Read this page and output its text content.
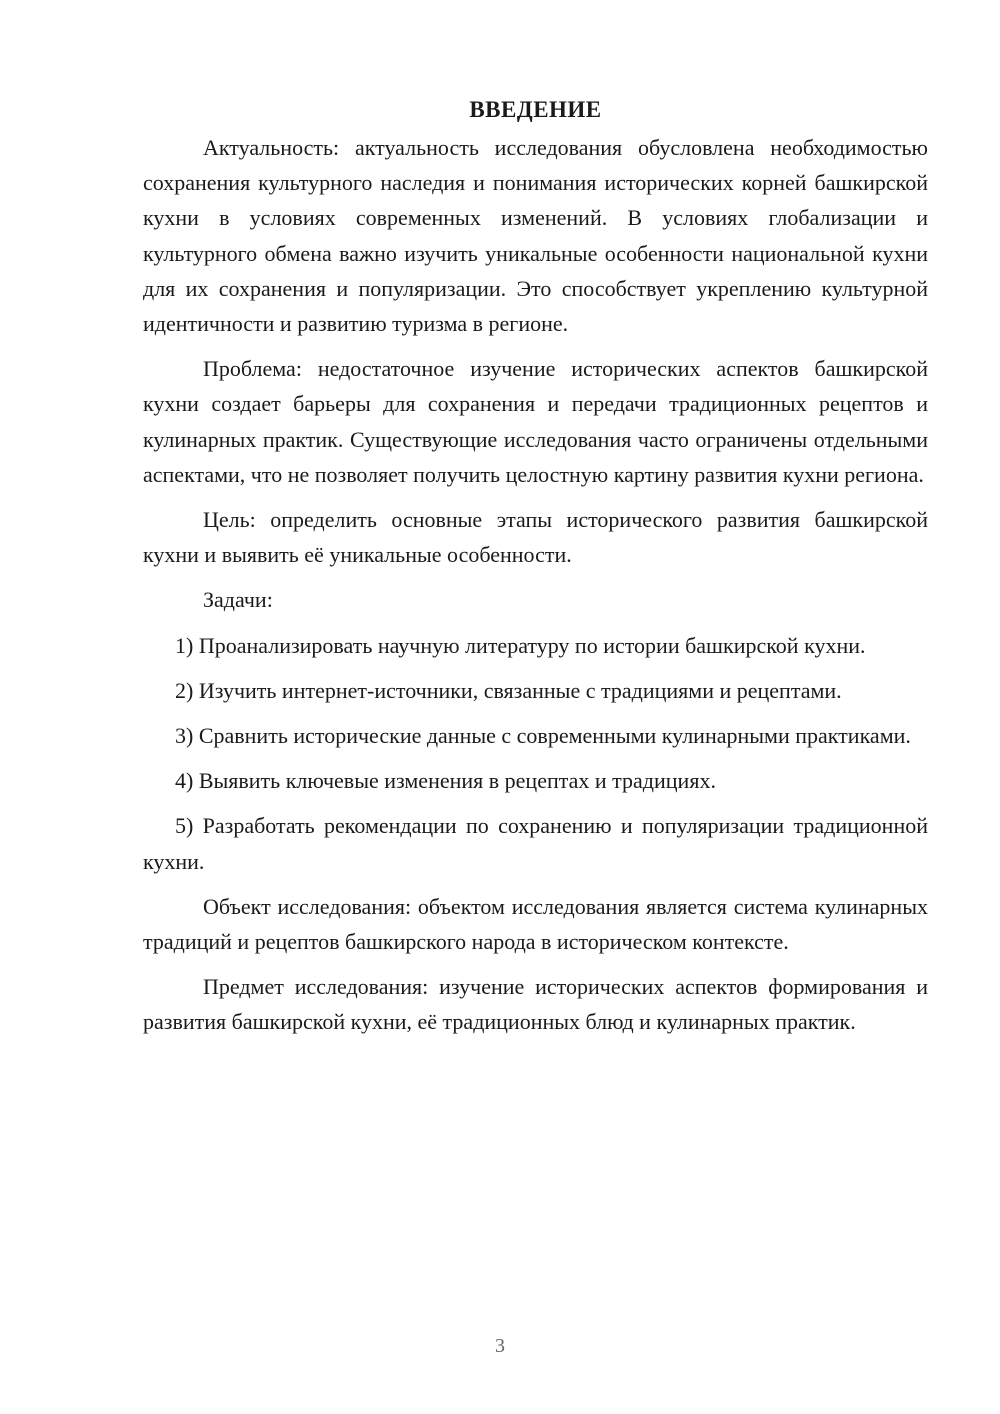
ВВЕДЕНИЕ

Актуальность: актуальность исследования обусловлена необходимостью сохранения культурного наследия и понимания исторических корней башкирской кухни в условиях современных изменений. В условиях глобализации и культурного обмена важно изучить уникальные особенности национальной кухни для их сохранения и популяризации. Это способствует укреплению культурной идентичности и развитию туризма в регионе.

Проблема: недостаточное изучение исторических аспектов башкирской кухни создает барьеры для сохранения и передачи традиционных рецептов и кулинарных практик. Существующие исследования часто ограничены отдельными аспектами, что не позволяет получить целостную картину развития кухни региона.

Цель: определить основные этапы исторического развития башкирской кухни и выявить её уникальные особенности.

Задачи:

1) Проанализировать научную литературу по истории башкирской кухни.

2) Изучить интернет-источники, связанные с традициями и рецептами.

3) Сравнить исторические данные с современными кулинарными практиками.

4) Выявить ключевые изменения в рецептах и традициях.

5) Разработать рекомендации по сохранению и популяризации традиционной кухни.

Объект исследования: объектом исследования является система кулинарных традиций и рецептов башкирского народа в историческом контексте.

Предмет исследования: изучение исторических аспектов формирования и развития башкирской кухни, её традиционных блюд и кулинарных практик.

3
